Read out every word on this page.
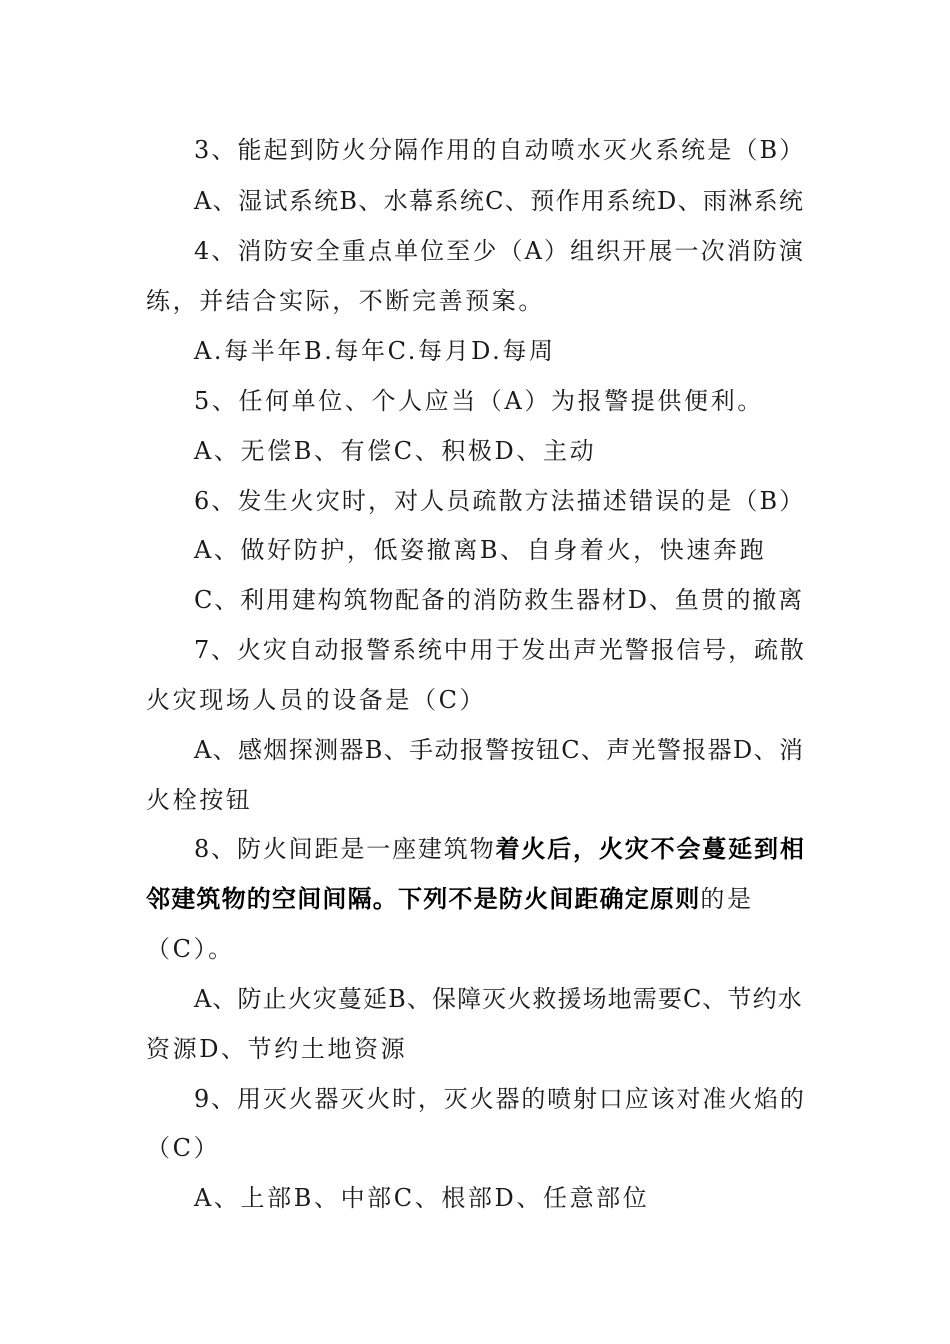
3、能起到防火分隔作用的自动喷水灭火系统是（B）
A、湿试系统B、水幕系统C、预作用系统D、雨淋系统
4、消防安全重点单位至少（A）组织开展一次消防演
练，并结合实际，不断完善预案。
A.每半年B.每年C.每月D.每周
5、任何单位、个人应当（A）为报警提供便利。
A、无偿B、有偿C、积极D、主动
6、发生火灾时，对人员疏散方法描述错误的是（B）
A、做好防护，低姿撤离B、自身着火，快速奔跑
C、利用建构筑物配备的消防救生器材D、鱼贯的撤离
7、火灾自动报警系统中用于发出声光警报信号，疏散
火灾现场人员的设备是（C）
A、感烟探测器B、手动报警按钮C、声光警报器D、消
火栓按钮
8、防火间距是一座建筑物着火后，火灾不会蔓延到相
邻建筑物的空间间隔。下列不是防火间距确定原则的是
（C）。
A、防止火灾蔓延B、保障灭火救援场地需要C、节约水
资源D、节约土地资源
9、用灭火器灭火时，灭火器的喷射口应该对准火焰的
（C）
A、上部B、中部C、根部D、任意部位
